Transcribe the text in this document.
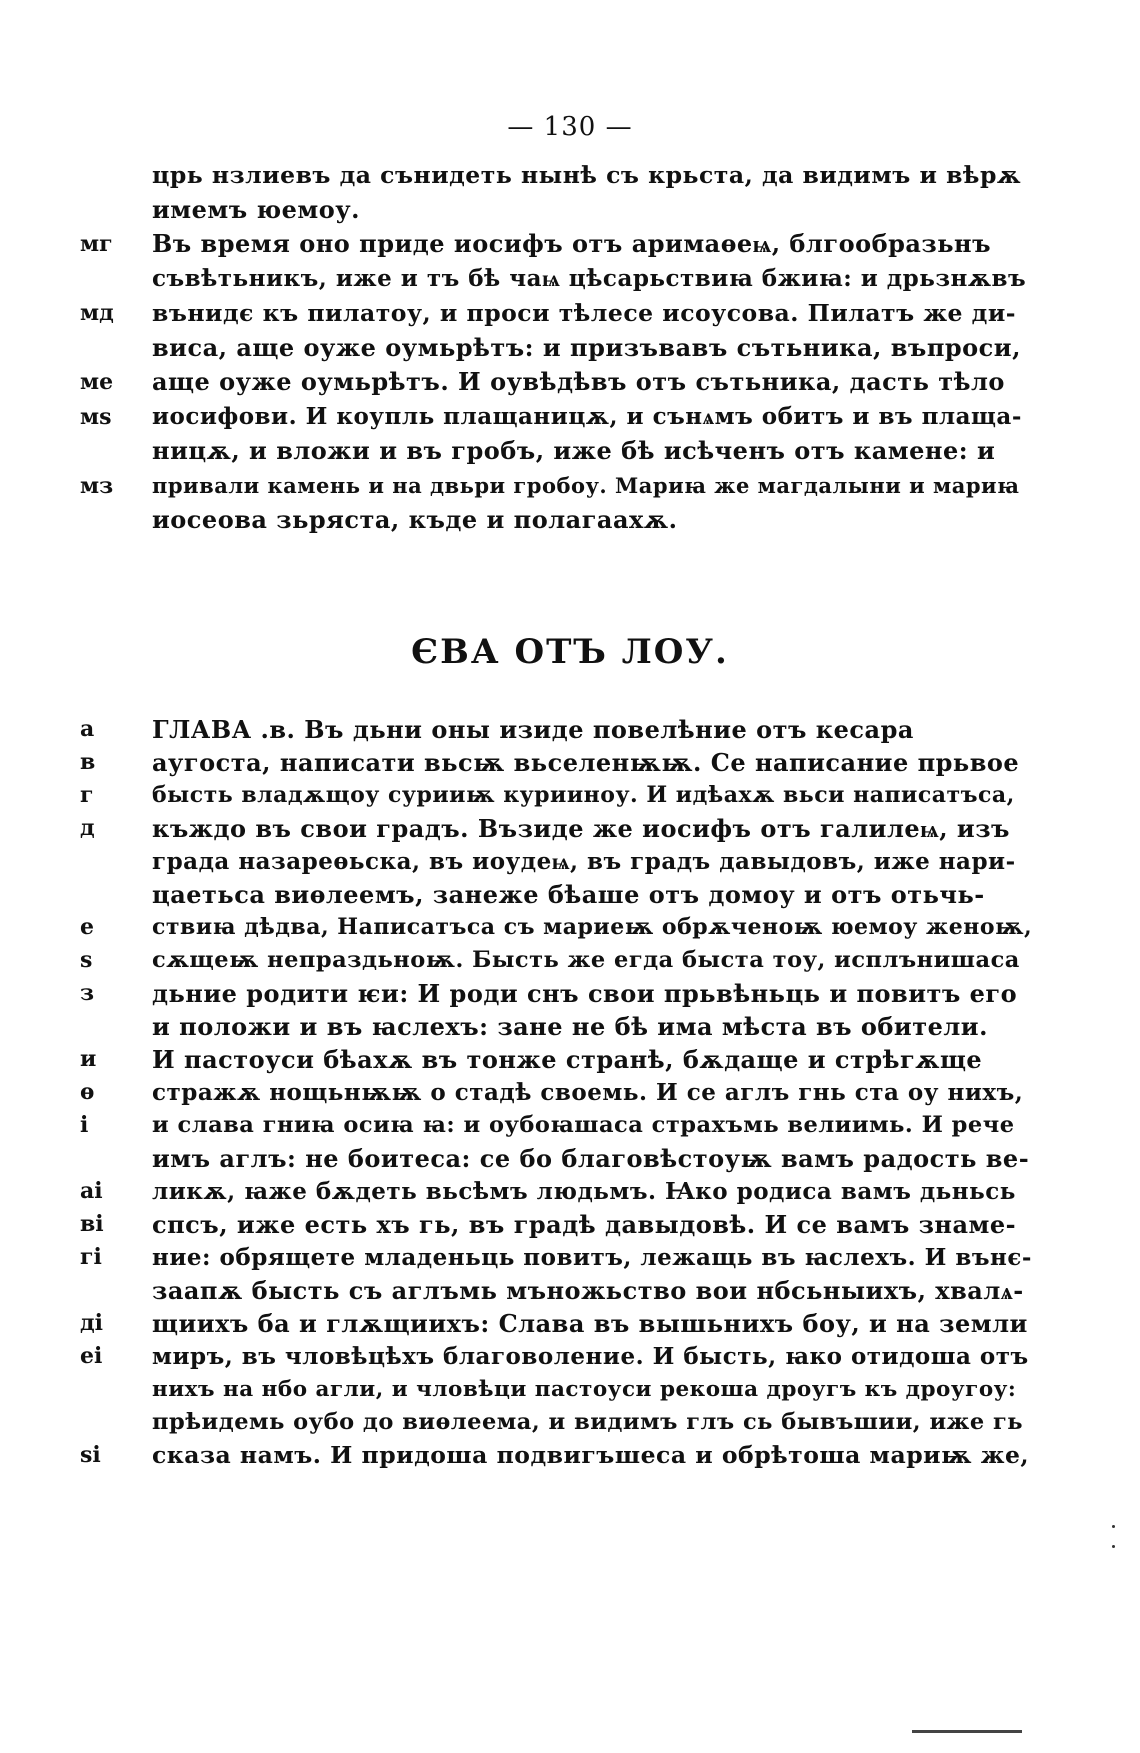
— 130 —
црь нзлиевъ да сънидеть нынѣ съ крьста, да видимъ и вѣрѫ
имемъ юемоу.
мг	Въ время оно приде иосифъ отъ аримаѳеѩ, блгообразьнъ
съвѣтьникъ, иже и тъ бѣ чаѩ цѣсарьствиꙗ бжиꙗ: и дрьзнѫвъ
мд	вънидє къ пилатоу, и проси тѣлесе исоусова. Пилатъ же ди-
виса, аще оуже оумьрѣтъ: и призъвавъ сътьника, въпроси,
ме	аще оуже оумьрѣтъ. И оувѣдѣвъ отъ сътьника, дасть тѣло
мѕ	иосифови. И коупль плащаницѫ, и сънѧмъ обитъ и въ плаща-
ницѫ, и вложи и въ гробъ, иже бѣ исѣченъ отъ камене: и
мз	привали камень и на двьри гробоу. Мариꙗ же магдалыни и мариꙗ
иосеова зьряста, къде и полагаахѫ.
ЄВА ОТЪ ЛОУ.
а	ГЛАВА .в. Въ дьни оны изиде повелѣние отъ кесара
в	аугоста, написати вьсѭ вьселенѭѭ. Се написание прьвое
г	бысть владѫщоу сурииѭ курииноу. И идѣахѫ вьси написатъса,
д	къждо въ свои градъ. Възиде же иосифъ отъ галилеѩ, изъ
града назареѳьска, въ иоудеѩ, въ градъ давыдовъ, иже нари-
цаетьса виѳлеемъ, занеже бѣаше отъ домоу и отъ отьчь-
е	ствиꙗ дѣдва, Написатъса съ мариеѭ обрѫченоѭ юемоу женоѭ,
ѕ	сѫщеѭ непраздьноѭ. Бысть же егда быста тоу, исплънишаса
з	дьние родити ѥи: И роди снъ свои прьвѣньць и повитъ его
и положи и въ ꙗслехъ: зане не бѣ има мѣста въ обители.
и	И пастоуси бѣахѫ въ тонже странѣ, бѫдаще и стрѣгѫще
ѳ	стражѫ нощьнѭѭ о стадѣ своемь. И се аглъ гнь ста оу нихъ,
і	и слава гниꙗ осиꙗ ꙗ: и оубоꙗшаса страхъмь велиимь. И рече
имъ аглъ: не боитеса: се бо благовѣстоуѭ вамъ радость ве-
аі	ликѫ, ꙗже бѫдеть вьсѣмъ людьмъ. Ꙗко родиса вамъ дьньсь
ві	спсъ, иже есть хъ гь, въ градѣ давыдовѣ. И се вамъ знаме-
гі	ние: обрящете младеньць повитъ, лежащь въ ꙗслехъ. И вънє-
заапѫ бысть съ аглъмь мъножьство вои нбсьныихъ, хвалѧ-
ді	щиихъ ба и глѫщиихъ: Слава въ вышьнихъ боу, и на земли
еі	миръ, въ чловѣцѣхъ благоволение. И бысть, ꙗко отидоша отъ
нихъ на нбо агли, и чловѣци пастоуси рекоша дроугъ къ дроугоу:
прѣидемь оубо до виѳлеема, и видимъ глъ сь бывъшии, иже гь
ѕі	сказа намъ. И придоша подвигъшеса и обрѣтоша мариѭ же,
